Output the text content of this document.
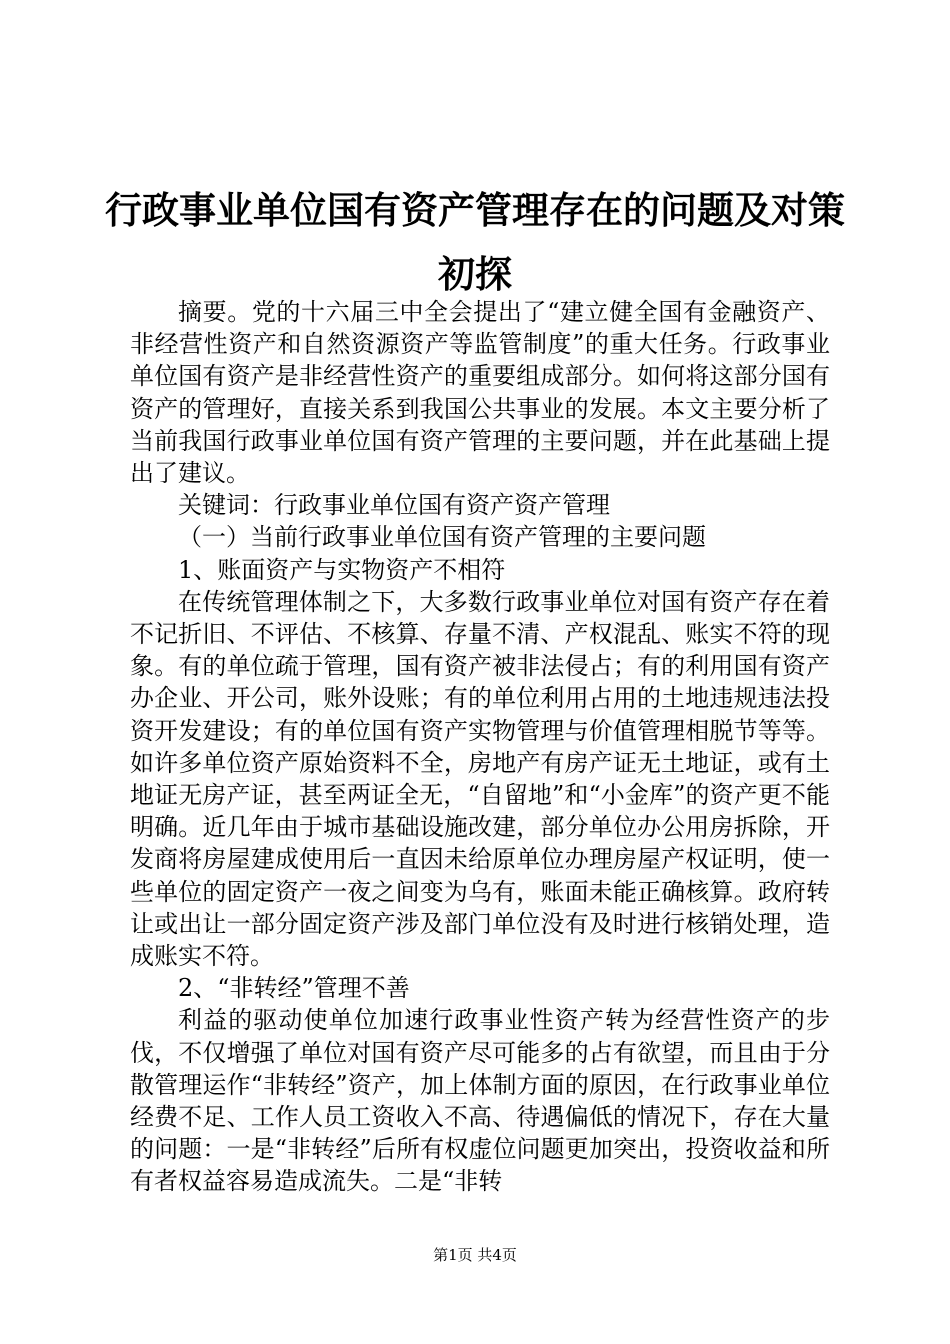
行政事业单位国有资产管理存在的问题及对策初探

摘要。党的十六届三中全会提出了“建立健全国有金融资产、非经营性资产和自然资源资产等监管制度”的重大任务。行政事业单位国有资产是非经营性资产的重要组成部分。如何将这部分国有资产的管理好，直接关系到我国公共事业的发展。本文主要分析了当前我国行政事业单位国有资产管理的主要问题，并在此基础上提出了建议。

关键词：行政事业单位国有资产资产管理

（一）当前行政事业单位国有资产管理的主要问题

1、账面资产与实物资产不相符

在传统管理体制之下，大多数行政事业单位对国有资产存在着不记折旧、不评估、不核算、存量不清、产权混乱、账实不符的现象。有的单位疏于管理，国有资产被非法侵占；有的利用国有资产办企业、开公司，账外设账；有的单位利用占用的土地违规违法投资开发建设；有的单位国有资产实物管理与价值管理相脱节等等。如许多单位资产原始资料不全，房地产有房产证无土地证，或有土地证无房产证，甚至两证全无，“自留地”和“小金库”的资产更不能明确。近几年由于城市基础设施改建，部分单位办公用房拆除，开发商将房屋建成使用后一直因未给原单位办理房屋产权证明，使一些单位的固定资产一夜之间变为乌有，账面未能正确核算。政府转让或出让一部分固定资产涉及部门单位没有及时进行核销处理，造成账实不符。

2、“非转经”管理不善

利益的驱动使单位加速行政事业性资产转为经营性资产的步伐，不仅增强了单位对国有资产尽可能多的占有欲望，而且由于分散管理运作“非转经”资产，加上体制方面的原因，在行政事业单位经费不足、工作人员工资收入不高、待遇偏低的情况下，存在大量的问题：一是“非转经”后所有权虚位问题更加突出，投资收益和所有者权益容易造成流失。二是“非转

第1页 共4页
